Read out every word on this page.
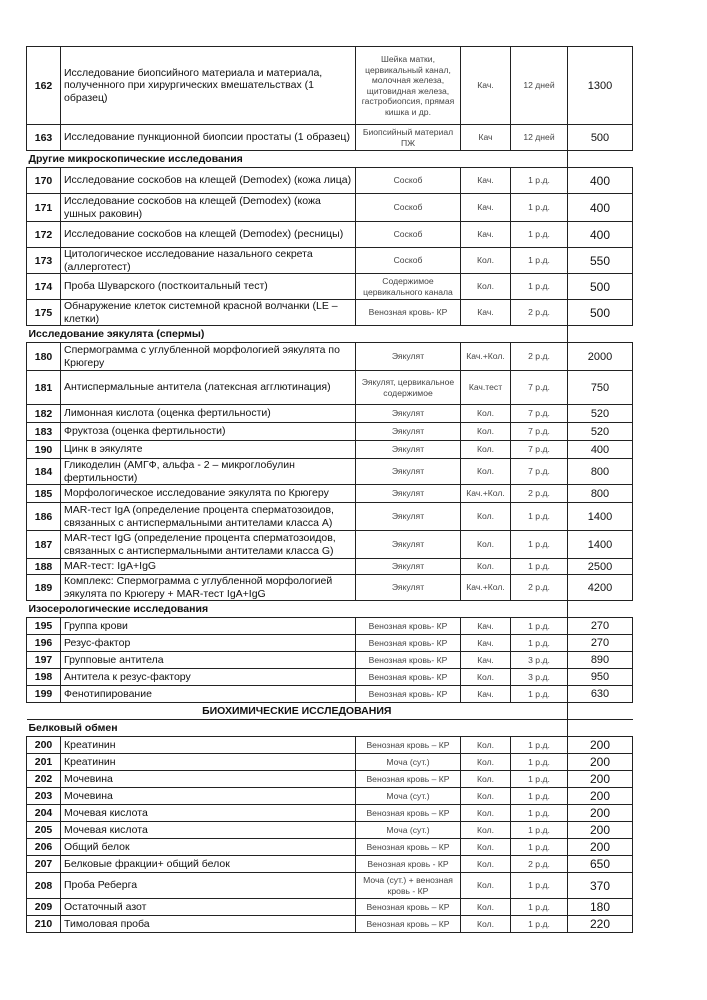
162	Исследование биопсийного материала и материала, полученного при хирургических вмешательствах (1 образец)	Шейка матки, цервикальный канал, молочная железа, щитовидная железа, гастробиопсия, прямая кишка и др.	Кач.	12 дней	1300
163	Исследование пункционной биопсии простаты (1 образец)	Биопсийный материал ПЖ	Кач	12 дней	500
Другие микроскопические исследования					
170	Исследование соскобов на клещей (Demodex) (кожа лица)	Соскоб	Кач.	1 р.д.	400
171	Исследование соскобов на клещей (Demodex) (кожа ушных раковин)	Соскоб	Кач.	1 р.д.	400
172	Исследование соскобов на клещей (Demodex) (ресницы)	Соскоб	Кач.	1 р.д.	400
173	Цитологическое исследование назального секрета (аллерготест)	Соскоб	Кол.	1 р.д.	550
174	Проба Шуварского (посткоитальный тест)	Содержимое цервикального канала	Кол.	1 р.д.	500
175	Обнаружение клеток системной красной волчанки (LE – клетки)	Венозная кровь- КР	Кач.	2 р.д.	500
Исследование эякулята (спермы)					
180	Спермограмма с углубленной морфологией эякулята по Крюгеру	Эякулят	Кач.+Кол.	2 р.д.	2000
181	Антиспермальные антитела (латексная агглютинация)	Эякулят, цервикальное содержимое	Кач.тест	7 р.д.	750
182	Лимонная кислота (оценка фертильности)	Эякулят	Кол.	7 р.д.	520
183	Фруктоза (оценка фертильности)	Эякулят	Кол.	7 р.д.	520
190	Цинк в эякуляте	Эякулят	Кол.	7 р.д.	400
184	Гликоделин (АМГФ, альфа - 2 – микроглобулин фертильности)	Эякулят	Кол.	7 р.д.	800
185	Морфологическое исследование эякулята по Крюгеру	Эякулят	Кач.+Кол.	2 р.д.	800
186	MAR-тест IgA (определение процента сперматозоидов, связанных с антиспермальными антителами класса А)	Эякулят	Кол.	1 р.д.	1400
187	MAR-тест IgG (определение процента сперматозоидов, связанных с антиспермальными антителами класса G)	Эякулят	Кол.	1 р.д.	1400
188	MAR-тест: IgA+IgG	Эякулят	Кол.	1 р.д.	2500
189	Комплекс: Спермограмма с углубленной морфологией эякулята по Крюгеру + MAR-тест IgA+IgG	Эякулят	Кач.+Кол.	2 р.д.	4200
Изосерологические исследования					
195	Группа крови	Венозная кровь- КР	Кач.	1 р.д.	270
196	Резус-фактор	Венозная кровь- КР	Кач.	1 р.д.	270
197	Групповые антитела	Венозная кровь- КР	Кач.	3 р.д.	890
198	Антитела к резус-фактору	Венозная кровь- КР	Кол.	3 р.д.	950
199	Фенотипирование	Венозная кровь- КР	Кач.	1 р.д.	630
БИОХИМИЧЕСКИЕ ИССЛЕДОВАНИЯ					
Белковый обмен					
200	Креатинин	Венозная кровь – КР	Кол.	1 р.д.	200
201	Креатинин	Моча (сут.)	Кол.	1 р.д.	200
202	Мочевина	Венозная кровь – КР	Кол.	1 р.д.	200
203	Мочевина	Моча (сут.)	Кол.	1 р.д.	200
204	Мочевая кислота	Венозная кровь – КР	Кол.	1 р.д.	200
205	Мочевая кислота	Моча (сут.)	Кол.	1 р.д.	200
206	Общий белок	Венозная кровь – КР	Кол.	1 р.д.	200
207	Белковые фракции+ общий белок	Венозная кровь - КР	Кол.	2 р.д.	650
208	Проба Реберга	Моча (сут.) + венозная кровь - КР	Кол.	1 р.д.	370
209	Остаточный азот	Венозная кровь – КР	Кол.	1 р.д.	180
210	Тимоловая проба	Венозная кровь – КР	Кол.	1 р.д.	220
